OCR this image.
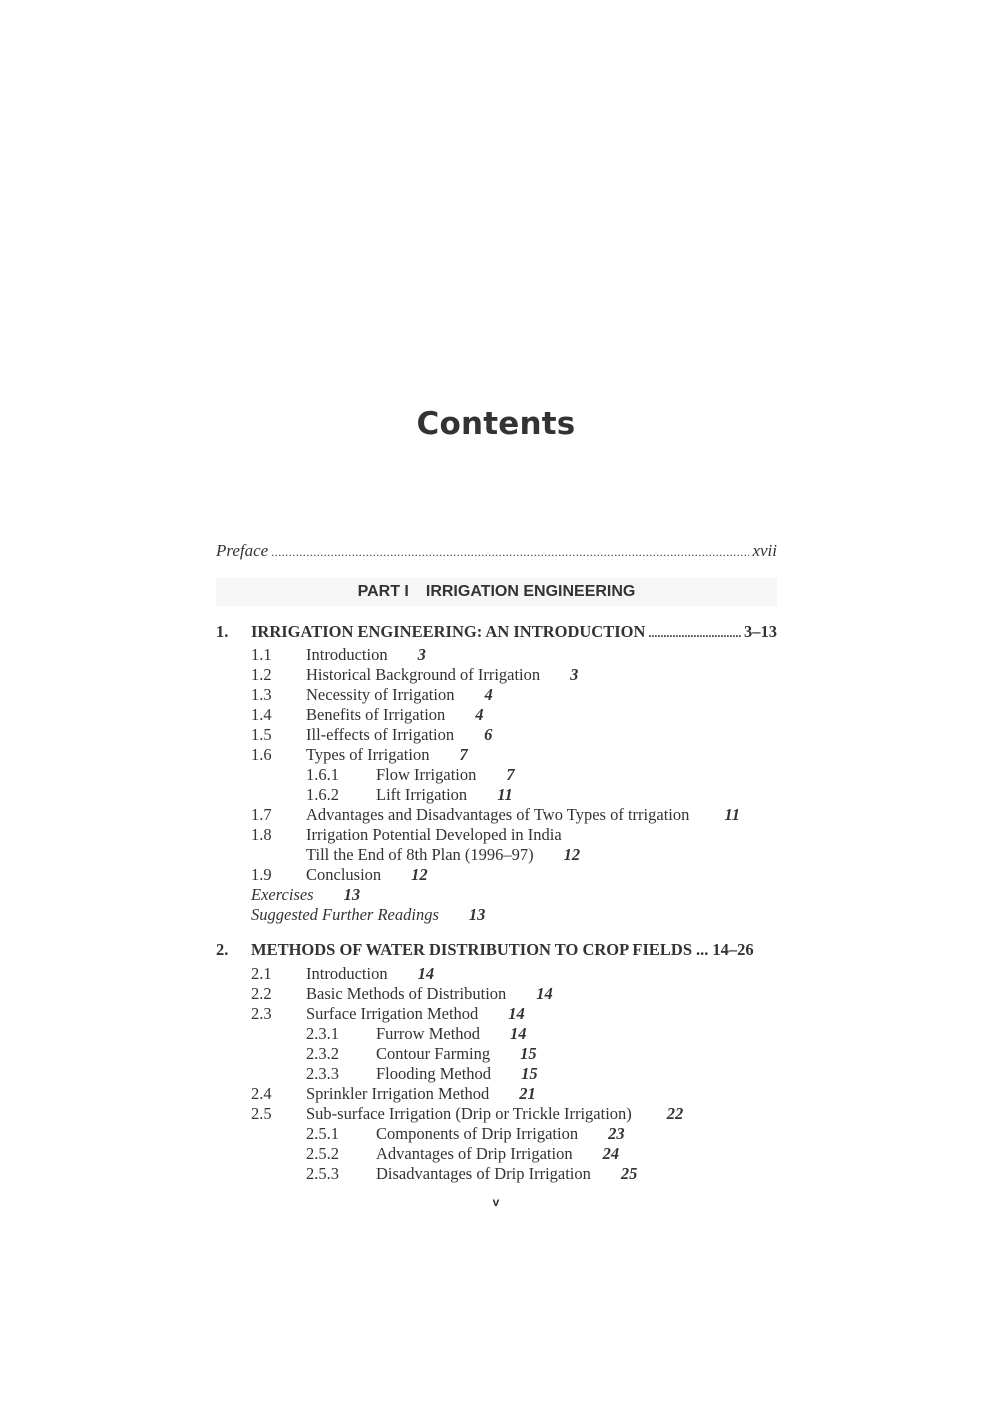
Contents
Preface .....	xvii
PART I IRRIGATION ENGINEERING
1.	IRRIGATION ENGINEERING: AN INTRODUCTION .....	3–13
1.1 Introduction 3
1.2 Historical Background of Irrigation 3
1.3 Necessity of Irrigation 4
1.4 Benefits of Irrigation 4
1.5 Ill-effects of Irrigation 6
1.6 Types of Irrigation 7
1.6.1 Flow Irrigation 7
1.6.2 Lift Irrigation 11
1.7 Advantages and Disadvantages of Two Types of trrigation 11
1.8 Irrigation Potential Developed in India
Till the End of 8th Plan (1996–97) 12
1.9 Conclusion 12
Exercises 13
Suggested Further Readings 13
2.	METHODS OF WATER DISTRIBUTION TO CROP FIELDS ... 14–26
2.1 Introduction 14
2.2 Basic Methods of Distribution 14
2.3 Surface Irrigation Method 14
2.3.1 Furrow Method 14
2.3.2 Contour Farming 15
2.3.3 Flooding Method 15
2.4 Sprinkler Irrigation Method 21
2.5 Sub-surface Irrigation (Drip or Trickle Irrigation) 22
2.5.1 Components of Drip Irrigation 23
2.5.2 Advantages of Drip Irrigation 24
2.5.3 Disadvantages of Drip Irrigation 25
v
